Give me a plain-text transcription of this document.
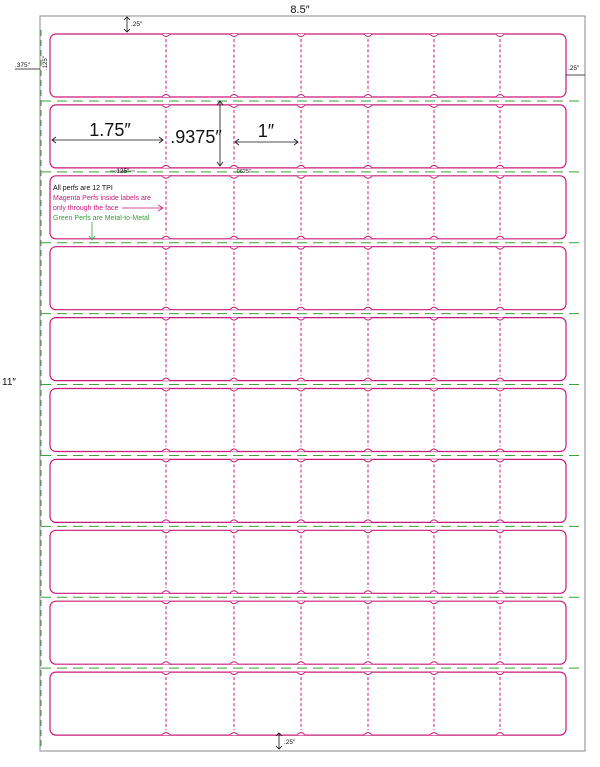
8.5″
11″
.25″
.375″ .125″	.25″
.25″
1.75″ .9375″ 1″
.125″	.0625″
All perfs are 12 TPI
Magenta Perfs inside labels are
only through the face
Green Perfs are Metal-to-Metal
